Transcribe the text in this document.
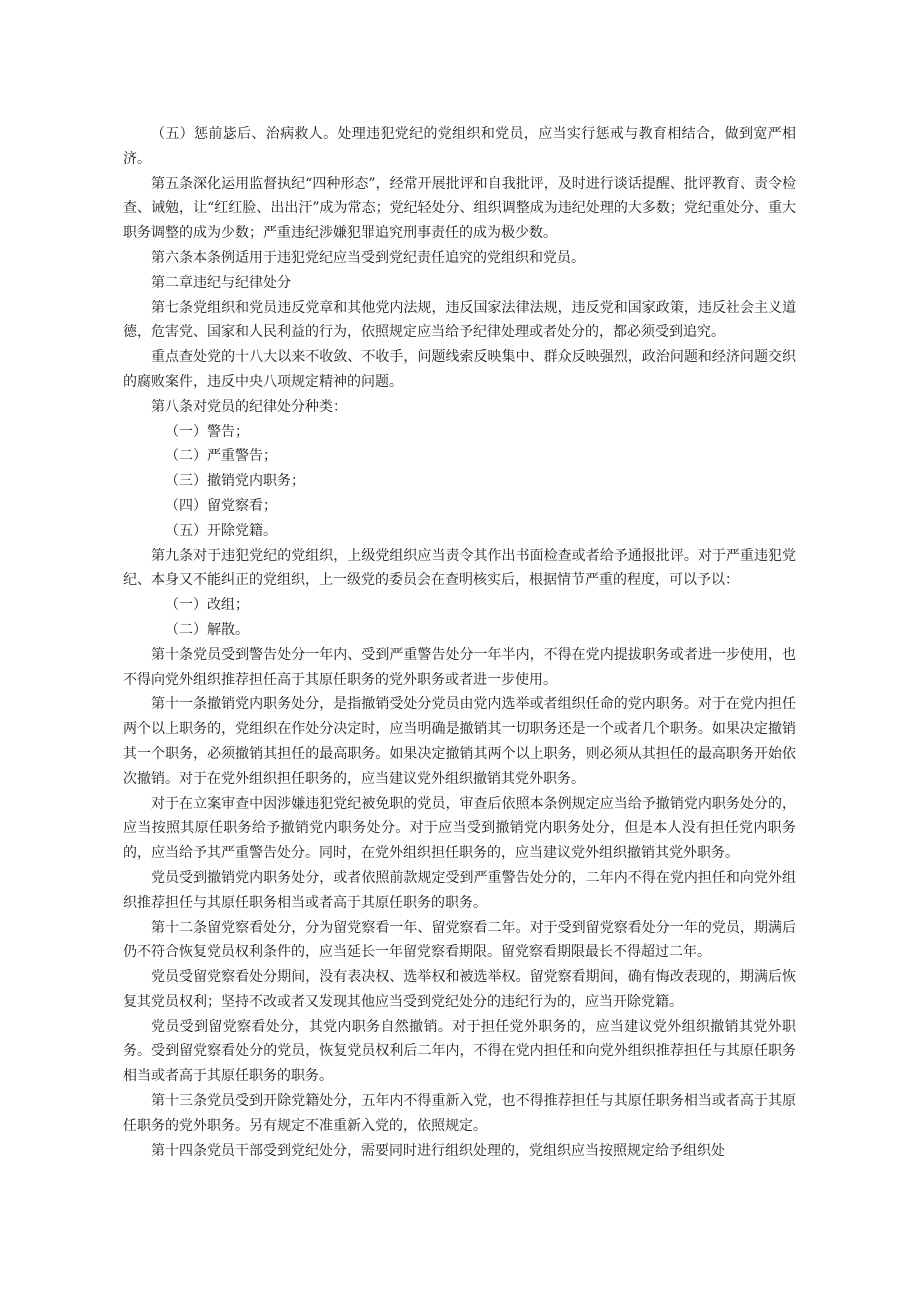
（五）惩前毖后、治病救人。处理违犯党纪的党组织和党员，应当实行惩戒与教育相结合，做到宽严相济。

第五条深化运用监督执纪“四种形态”，经常开展批评和自我批评，及时进行谈话提醒、批评教育、责令检查、诫勉，让“红红脸、出出汗”成为常态；党纪轻处分、组织调整成为违纪处理的大多数；党纪重处分、重大职务调整的成为少数；严重违纪涉嫌犯罪追究刑事责任的成为极少数。

第六条本条例适用于违犯党纪应当受到党纪责任追究的党组织和党员。

第二章违纪与纪律处分

第七条党组织和党员违反党章和其他党内法规，违反国家法律法规，违反党和国家政策，违反社会主义道德，危害党、国家和人民利益的行为，依照规定应当给予纪律处理或者处分的，都必须受到追究。

重点查处党的十八大以来不收敛、不收手，问题线索反映集中、群众反映强烈，政治问题和经济问题交织的腐败案件，违反中央八项规定精神的问题。

第八条对党员的纪律处分种类：

（一）警告；

（二）严重警告；

（三）撤销党内职务；

（四）留党察看；

（五）开除党籍。

第九条对于违犯党纪的党组织，上级党组织应当责令其作出书面检查或者给予通报批评。对于严重违犯党纪、本身又不能纠正的党组织，上一级党的委员会在查明核实后，根据情节严重的程度，可以予以：

（一）改组；

（二）解散。

第十条党员受到警告处分一年内、受到严重警告处分一年半内，不得在党内提拔职务或者进一步使用，也不得向党外组织推荐担任高于其原任职务的党外职务或者进一步使用。

第十一条撤销党内职务处分，是指撤销受处分党员由党内选举或者组织任命的党内职务。对于在党内担任两个以上职务的，党组织在作处分决定时，应当明确是撤销其一切职务还是一个或者几个职务。如果决定撤销其一个职务，必须撤销其担任的最高职务。如果决定撤销其两个以上职务，则必须从其担任的最高职务开始依次撤销。对于在党外组织担任职务的，应当建议党外组织撤销其党外职务。

对于在立案审查中因涉嫌违犯党纪被免职的党员，审查后依照本条例规定应当给予撤销党内职务处分的，应当按照其原任职务给予撤销党内职务处分。对于应当受到撤销党内职务处分，但是本人没有担任党内职务的，应当给予其严重警告处分。同时，在党外组织担任职务的，应当建议党外组织撤销其党外职务。

党员受到撤销党内职务处分，或者依照前款规定受到严重警告处分的，二年内不得在党内担任和向党外组织推荐担任与其原任职务相当或者高于其原任职务的职务。

第十二条留党察看处分，分为留党察看一年、留党察看二年。对于受到留党察看处分一年的党员，期满后仍不符合恢复党员权利条件的，应当延长一年留党察看期限。留党察看期限最长不得超过二年。

党员受留党察看处分期间，没有表决权、选举权和被选举权。留党察看期间，确有悔改表现的，期满后恢复其党员权利；坚持不改或者又发现其他应当受到党纪处分的违纪行为的，应当开除党籍。

党员受到留党察看处分，其党内职务自然撤销。对于担任党外职务的，应当建议党外组织撤销其党外职务。受到留党察看处分的党员，恢复党员权利后二年内，不得在党内担任和向党外组织推荐担任与其原任职务相当或者高于其原任职务的职务。

第十三条党员受到开除党籍处分，五年内不得重新入党，也不得推荐担任与其原任职务相当或者高于其原任职务的党外职务。另有规定不准重新入党的，依照规定。

第十四条党员干部受到党纪处分，需要同时进行组织处理的，党组织应当按照规定给予组织处
